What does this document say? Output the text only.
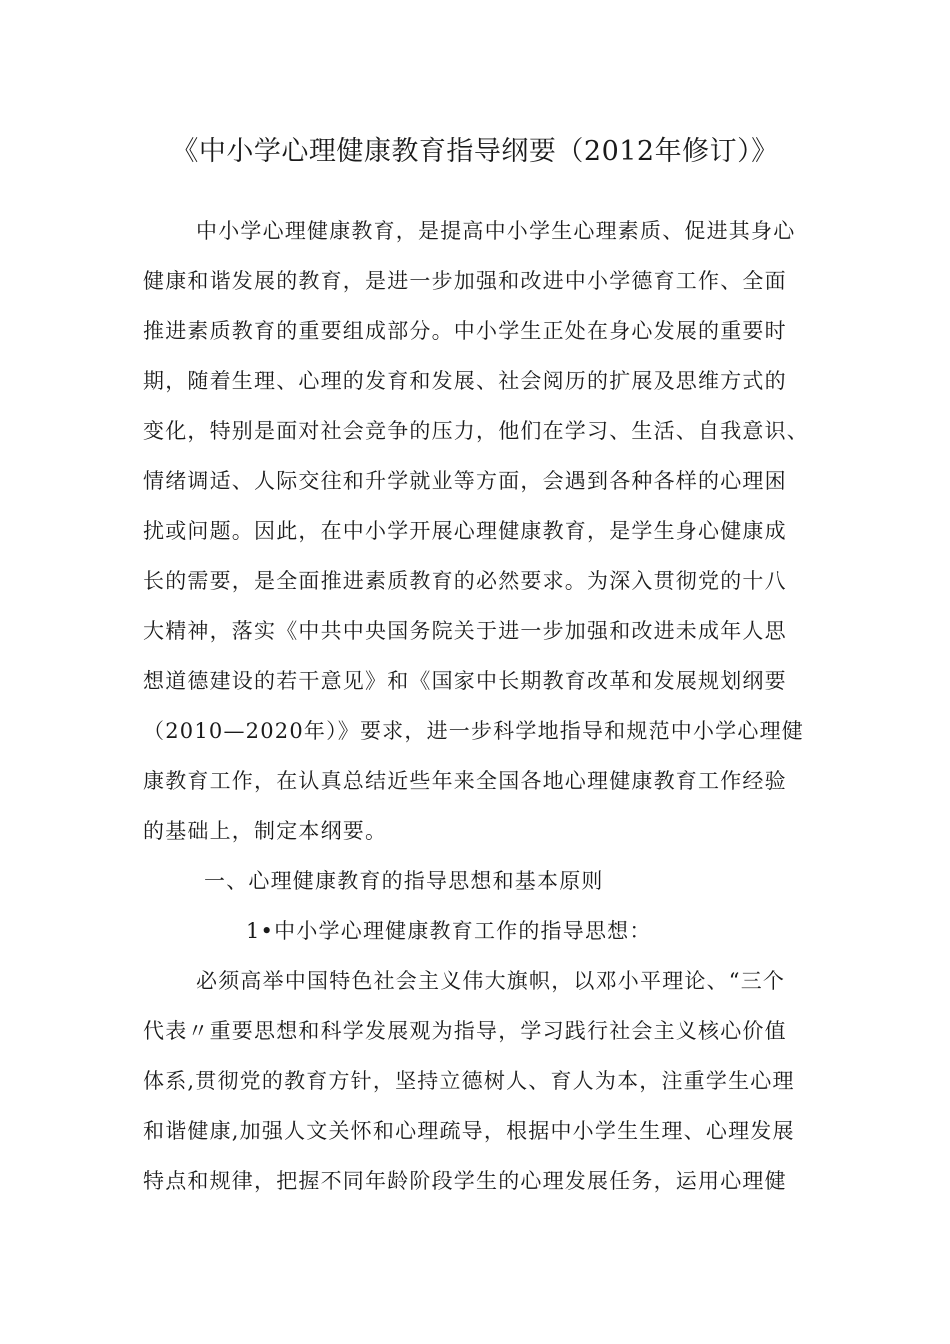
《中小学心理健康教育指导纲要（2012年修订）》
中小学心理健康教育，是提高中小学生心理素质、促进其身心
健康和谐发展的教育，是进一步加强和改进中小学德育工作、全面
推进素质教育的重要组成部分。中小学生正处在身心发展的重要时
期，随着生理、心理的发育和发展、社会阅历的扩展及思维方式的
变化，特别是面对社会竞争的压力，他们在学习、生活、自我意识、
情绪调适、人际交往和升学就业等方面，会遇到各种各样的心理困
扰或问题。因此，在中小学开展心理健康教育，是学生身心健康成
长的需要，是全面推进素质教育的必然要求。为深入贯彻党的十八
大精神，落实《中共中央国务院关于进一步加强和改进未成年人思
想道德建设的若干意见》和《国家中长期教育改革和发展规划纲要
（2010—2020年）》要求，进一步科学地指导和规范中小学心理健
康教育工作，在认真总结近些年来全国各地心理健康教育工作经验
的基础上，制定本纲要。
一、心理健康教育的指导思想和基本原则
1•中小学心理健康教育工作的指导思想：
必须高举中国特色社会主义伟大旗帜，以邓小平理论、“三个
代表〃重要思想和科学发展观为指导，学习践行社会主义核心价值
体系,贯彻党的教育方针，坚持立德树人、育人为本，注重学生心理
和谐健康,加强人文关怀和心理疏导，根据中小学生生理、心理发展
特点和规律，把握不同年龄阶段学生的心理发展任务，运用心理健
